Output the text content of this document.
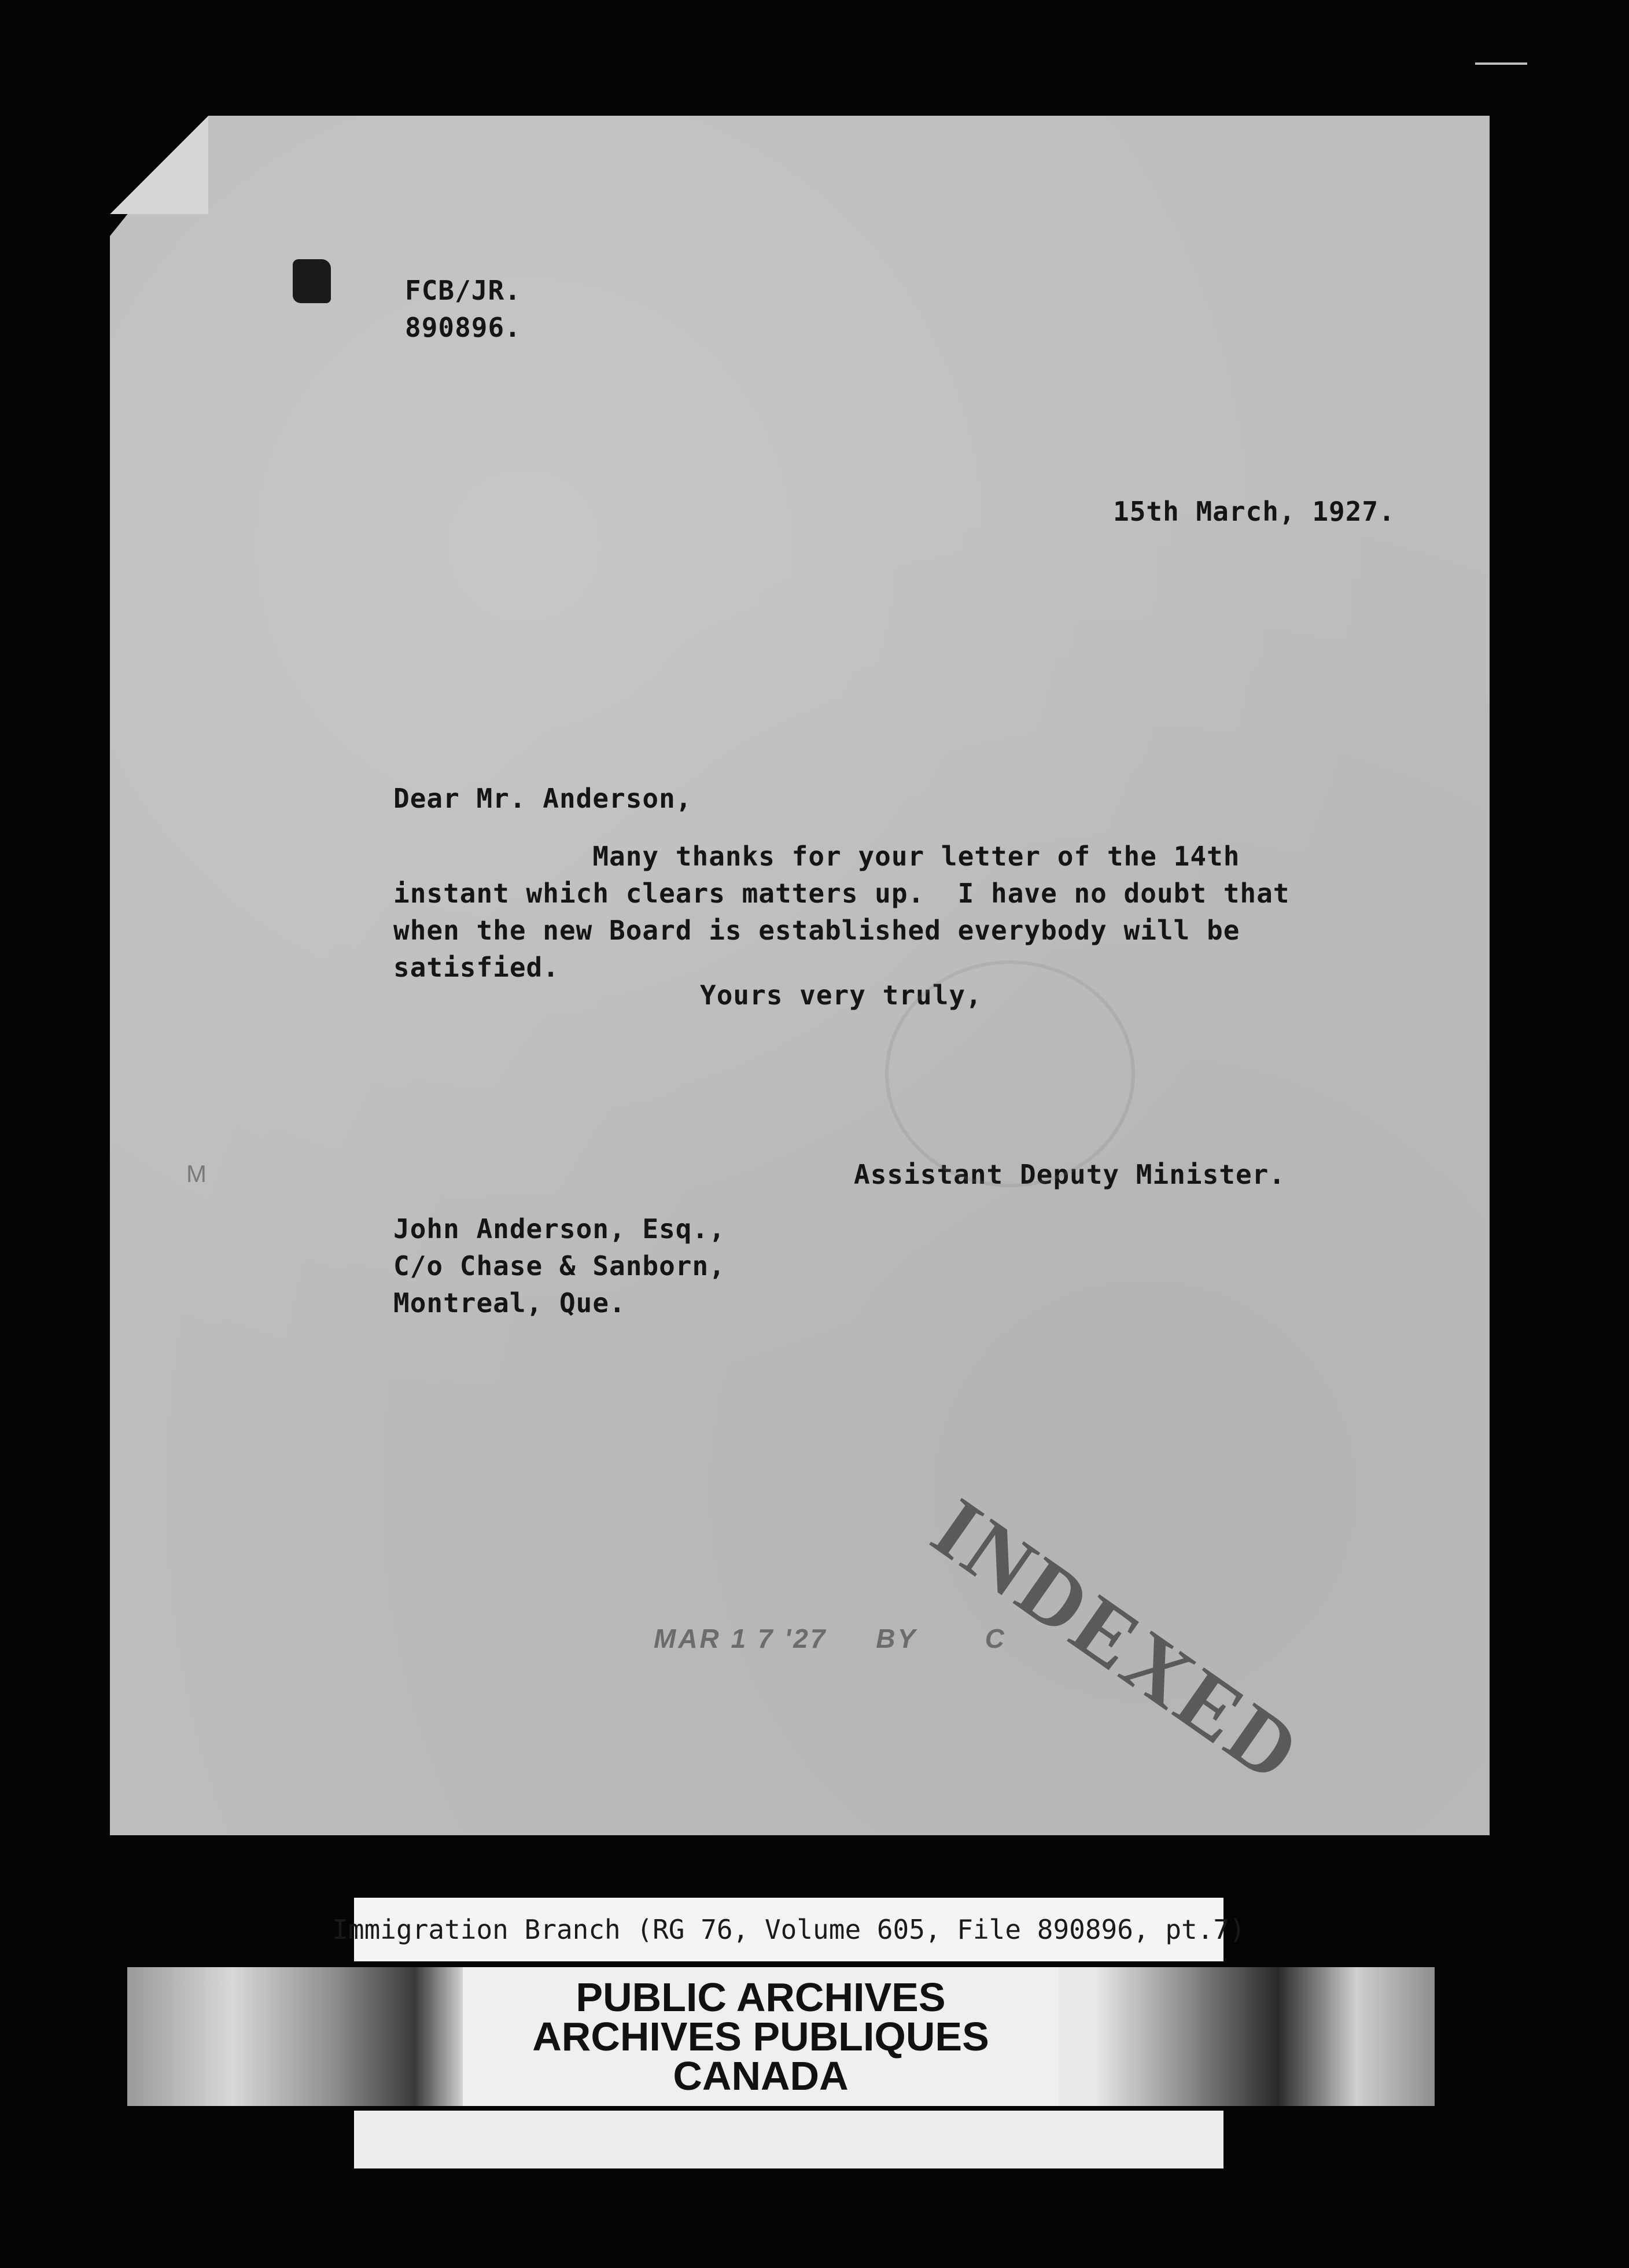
FCB/JR.
890896.
15th March, 1927.
Dear Mr. Anderson,
Many thanks for your letter of the 14th
instant which clears matters up.  I have no doubt that
when the new Board is established everybody will be
satisfied.
Yours very truly,
Assistant Deputy Minister.
M
John Anderson, Esq.,
C/o Chase & Sanborn,
Montreal, Que.
MAR 1 7 '27     BY       C
INDEXED
Immigration Branch (RG 76, Volume 605, File 890896, pt.7)

PUBLIC ARCHIVES

ARCHIVES PUBLIQUES

CANADA
